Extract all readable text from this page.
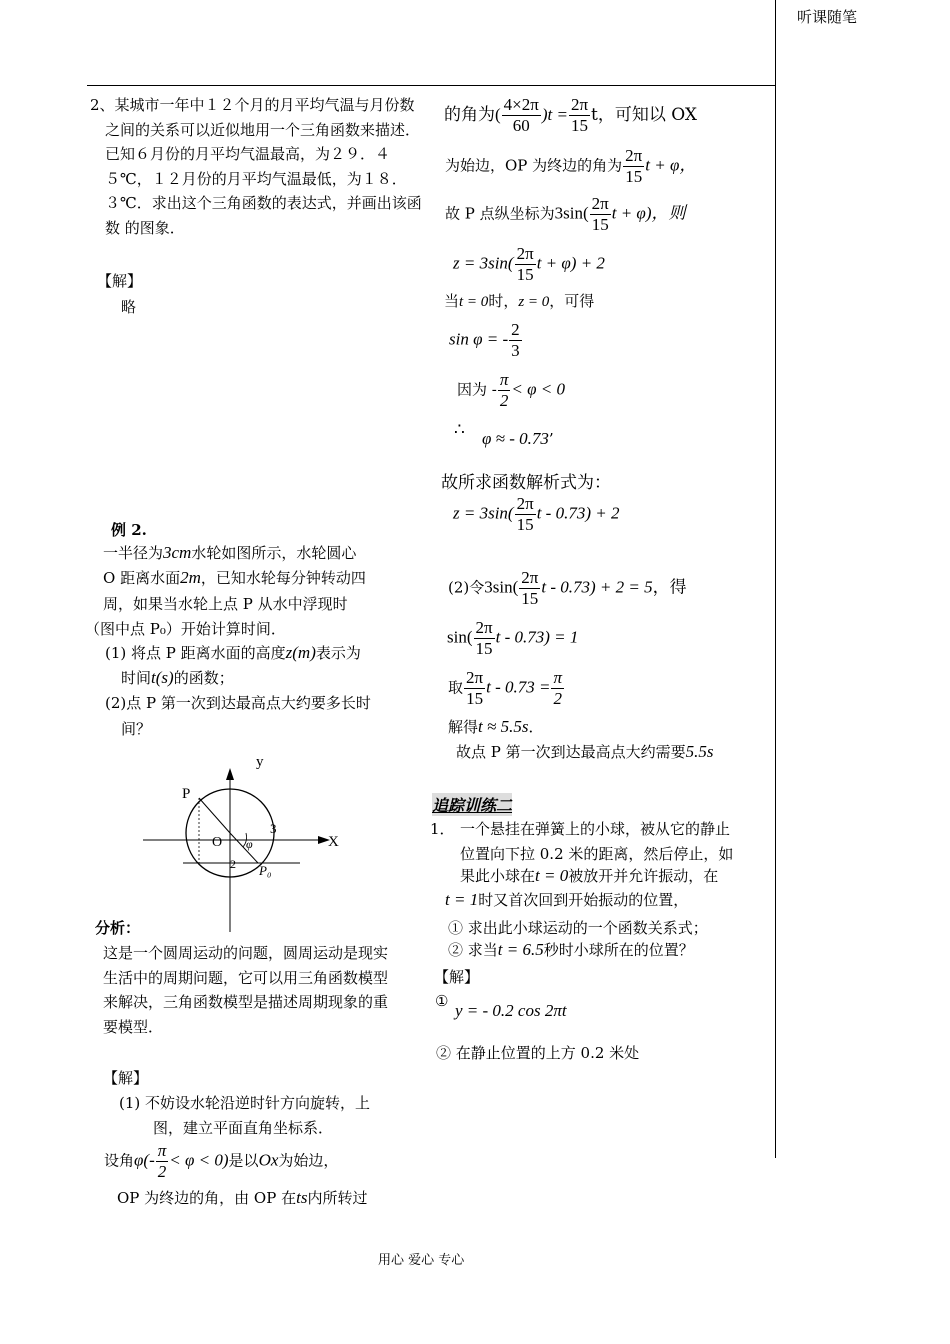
听课随笔
2、某城市一年中１２个月的月平均气温与月份数之间的关系可以近似地用一个三角函数来描述．已知６月份的月平均气温最高，为２９．４５℃，１２月份的月平均气温最低，为１８．３℃．求出这个三角函数的表达式，并画出该函数 的图象．
【解】
略
例 2.
一半径为3cm水轮如图所示，水轮圆心
O 距离水面2m，已知水轮每分钟转动四
周，如果当水轮上点 P 从水中浮现时
（图中点 P₀）开始计算时间．
(1) 将点 P 距离水面的高度z(m)表示为
时间t(s)的函数；
(2)点 P 第一次到达最高点大约要多长时
间？
y
X
P
O
3
2
φ
P₀
分析：
这是一个圆周运动的问题，圆周运动是现实生活中的周期问题，它可以用三角函数模型来解决，三角函数模型是描述周期现象的重要模型．
【解】
(1) 不妨设水轮沿逆时针方向旋转，上
图，建立平面直角坐标系．
设角$\varphi(- \frac{\pi}{2} < \varphi < 0)$是以Ox为始边，
OP 为终边的角，由 OP 在ts内所转过
的角为( $\frac{4\times 2\pi}{60} )t = \frac{2\pi}{15}$ t，可知以 OX
为始边，OP 为终边的角为 $\frac{2\pi}{15}$ t + φ，
故 P 点纵坐标为$3\sin( \frac{2\pi}{15}$ t + φ)，则
$z = 3\sin( \frac{2\pi}{15}$ t + φ) + 2
当t = 0时，z = 0，可得
sin φ = - $\frac{2}{3}$
因为 - $\frac{\pi}{2} < \varphi < 0$
∴ φ ≈ - 0.73’
故所求函数解析式为：
$z = 3\sin( \frac{2\pi}{15}$ t - 0.73) + 2
(2)令$3\sin( \frac{2\pi}{15}$ t - 0.73) + 2 = 5，得
$\sin( \frac{2\pi}{15}$ t - 0.73) = 1
取 $\frac{2\pi}{15}$ $t - 0.73 = \frac{\pi}{2}$
解得t ≈ 5.5s．
故点 P 第一次到达最高点大约需要5.5s
追踪训练二
1． 一个悬挂在弹簧上的小球，被从它的静止
位置向下拉 0.2 米的距离，然后停止，如
果此小球在t = 0被放开并允许振动，在
t = 1时又首次回到开始振动的位置，
① 求出此小球运动的一个函数关系式；
② 求当t = 6.5秒时小球所在的位置？
【解】
① y = - 0.2 cos 2πt
② 在静止位置的上方 0.2 米处
用心 爱心 专心
